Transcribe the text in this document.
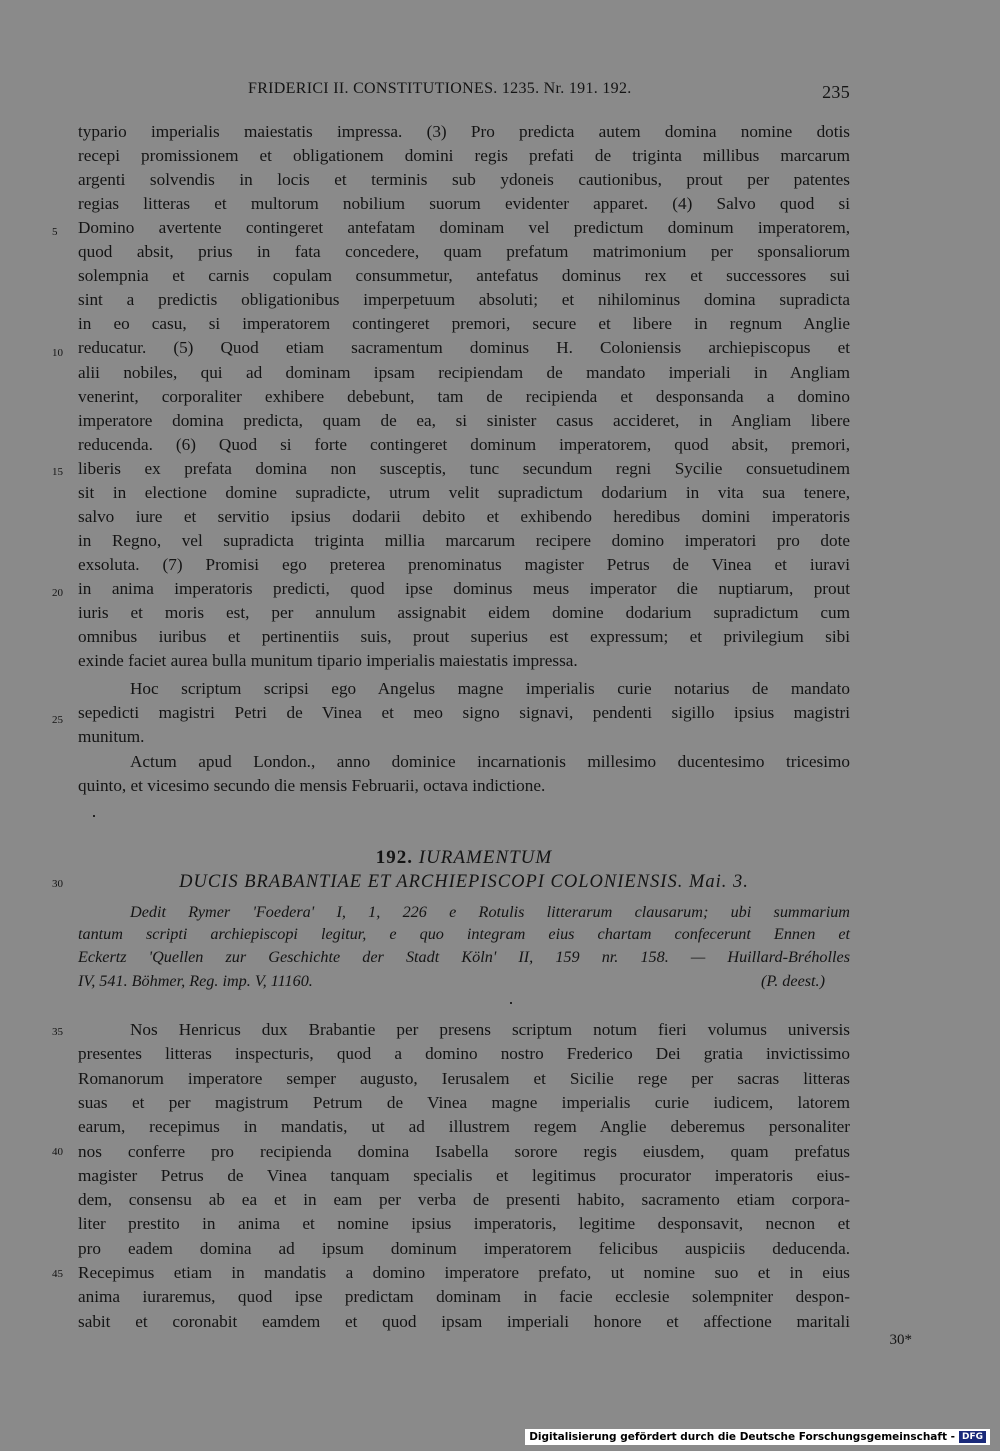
FRIDERICI II. CONSTITUTIONES. 1235. Nr. 191. 192.	235
typario imperialis maiestatis impressa. (3) Pro predicta autem domina nomine dotis
recepi promissionem et obligationem domini regis prefati de triginta millibus marcarum
argenti solvendis in locis et terminis sub ydoneis cautionibus, prout per patentes
regias litteras et multorum nobilium suorum evidenter apparet. (4) Salvo quod si
Domino avertente contingeret antefatam dominam vel predictum dominum imperatorem,
quod absit, prius in fata concedere, quam prefatum matrimonium per sponsaliorum
solempnia et carnis copulam consummetur, antefatus dominus rex et successores sui
sint a predictis obligationibus imperpetuum absoluti; et nihilominus domina supradicta
in eo casu, si imperatorem contingeret premori, secure et libere in regnum Anglie
reducatur. (5) Quod etiam sacramentum dominus H. Coloniensis archiepiscopus et
alii nobiles, qui ad dominam ipsam recipiendam de mandato imperiali in Angliam
venerint, corporaliter exhibere debebunt, tam de recipienda et desponsanda a domino
imperatore domina predicta, quam de ea, si sinister casus accideret, in Angliam libere
reducenda. (6) Quod si forte contingeret dominum imperatorem, quod absit, premori,
liberis ex prefata domina non susceptis, tunc secundum regni Sycilie consuetudinem
sit in electione domine supradicte, utrum velit supradictum dodarium in vita sua tenere,
salvo iure et servitio ipsius dodarii debito et exhibendo heredibus domini imperatoris
in Regno, vel supradicta triginta millia marcarum recipere domino imperatori pro dote
exsoluta. (7) Promisi ego preterea prenominatus magister Petrus de Vinea et iuravi
in anima imperatoris predicti, quod ipse dominus meus imperator die nuptiarum, prout
iuris et moris est, per annulum assignabit eidem domine dodarium supradictum cum
omnibus iuribus et pertinentiis suis, prout superius est expressum; et privilegium sibi
exinde faciet aurea bulla munitum tipario imperialis maiestatis impressa.
5
10
15
20
25
30
35
40
45
192. IURAMENTUM
DUCIS BRABANTIAE ET ARCHIEPISCOPI COLONIENSIS. Mai. 3.
Dedit Rymer 'Foedera' I, 1, 226 e Rotulis litterarum clausarum; ubi summarium
tantum scripti archiepiscopi legitur, e quo integram eius chartam confecerunt Ennen et
Eckertz 'Quellen zur Geschichte der Stadt Köln' II, 159 nr. 158. — Huillard-Bréholles
IV, 541. Böhmer, Reg. imp. V, 11160.	(P. deest.)
Nos Henricus dux Brabantie per presens scriptum notum fieri volumus universis
presentes litteras inspecturis, quod a domino nostro Frederico Dei gratia invictissimo
Romanorum imperatore semper augusto, Ierusalem et Sicilie rege per sacras litteras
suas et per magistrum Petrum de Vinea magne imperialis curie iudicem, latorem
earum, recepimus in mandatis, ut ad illustrem regem Anglie deberemus personaliter
nos conferre pro recipienda domina Isabella sorore regis eiusdem, quam prefatus
magister Petrus de Vinea tanquam specialis et legitimus procurator imperatoris eius-
dem, consensu ab ea et in eam per verba de presenti habito, sacramento etiam corpora-
liter prestito in anima et nomine ipsius imperatoris, legitime desponsavit, necnon et
pro eadem domina ad ipsum dominum imperatorem felicibus auspiciis deducenda.
Recepimus etiam in mandatis a domino imperatore prefato, ut nomine suo et in eius
anima iuraremus, quod ipse predictam dominam in facie ecclesie solempniter despon-
sabit et coronabit eamdem et quod ipsam imperiali honore et affectione maritali
30*
Digitalisierung gefördert durch die Deutsche Forschungsgemeinschaft - DFG
Hoc scriptum scripsi ego Angelus magne imperialis curie notarius de mandato
sepedicti magistri Petri de Vinea et meo signo signavi, pendenti sigillo ipsius magistri
munitum.
Actum apud London., anno dominice incarnationis millesimo ducentesimo tricesimo
quinto, et vicesimo secundo die mensis Februarii, octava indictione.
